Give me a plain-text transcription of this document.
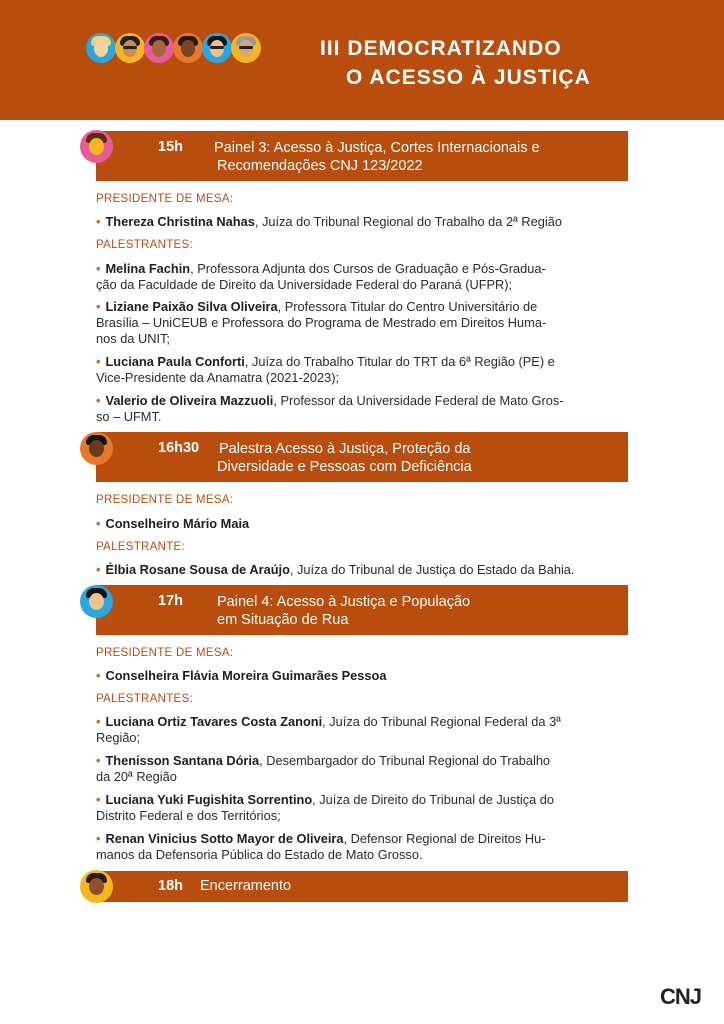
III DEMOCRATIZANDO
O ACESSO À JUSTIÇA
15h Painel 3: Acesso à Justiça, Cortes Internacionais e
Recomendações CNJ 123/2022
PRESIDENTE DE MESA:
• Thereza Christina Nahas, Juíza do Tribunal Regional do Trabalho da 2ª Região
PALESTRANTES:
• Melina Fachin, Professora Adjunta dos Cursos de Graduação e Pós-Gradua-
ção da Faculdade de Direito da Universidade Federal do Paraná (UFPR);
• Liziane Paixão Silva Oliveira, Professora Titular do Centro Universitário de
Brasília – UniCEUB e Professora do Programa de Mestrado em Direitos Huma-
nos da UNIT;
• Luciana Paula Conforti, Juíza do Trabalho Titular do TRT da 6ª Região (PE) e
Vice-Presidente da Anamatra (2021-2023);
• Valerio de Oliveira Mazzuoli, Professor da Universidade Federal de Mato Gros-
so – UFMT.
16h30 Palestra Acesso à Justiça, Proteção da
Diversidade e Pessoas com Deficiência
PRESIDENTE DE MESA:
• Conselheiro Mário Maia
PALESTRANTE:
• Élbia Rosane Sousa de Araújo, Juíza do Tribunal de Justiça do Estado da Bahia.
17h Painel 4: Acesso à Justiça e População
em Situação de Rua
PRESIDENTE DE MESA:
• Conselheira Flávia Moreira Guimarães Pessoa
PALESTRANTES:
• Luciana Ortiz Tavares Costa Zanoni, Juíza do Tribunal Regional Federal da 3ª
Região;
• Thenisson Santana Dória, Desembargador do Tribunal Regional do Trabalho
da 20ª Região
• Luciana Yuki Fugishita Sorrentino, Juíza de Direito do Tribunal de Justiça do
Distrito Federal e dos Territórios;
• Renan Vinicius Sotto Mayor de Oliveira, Defensor Regional de Direitos Hu-
manos da Defensoria Pública do Estado de Mato Grosso.
18h Encerramento
CNJ
